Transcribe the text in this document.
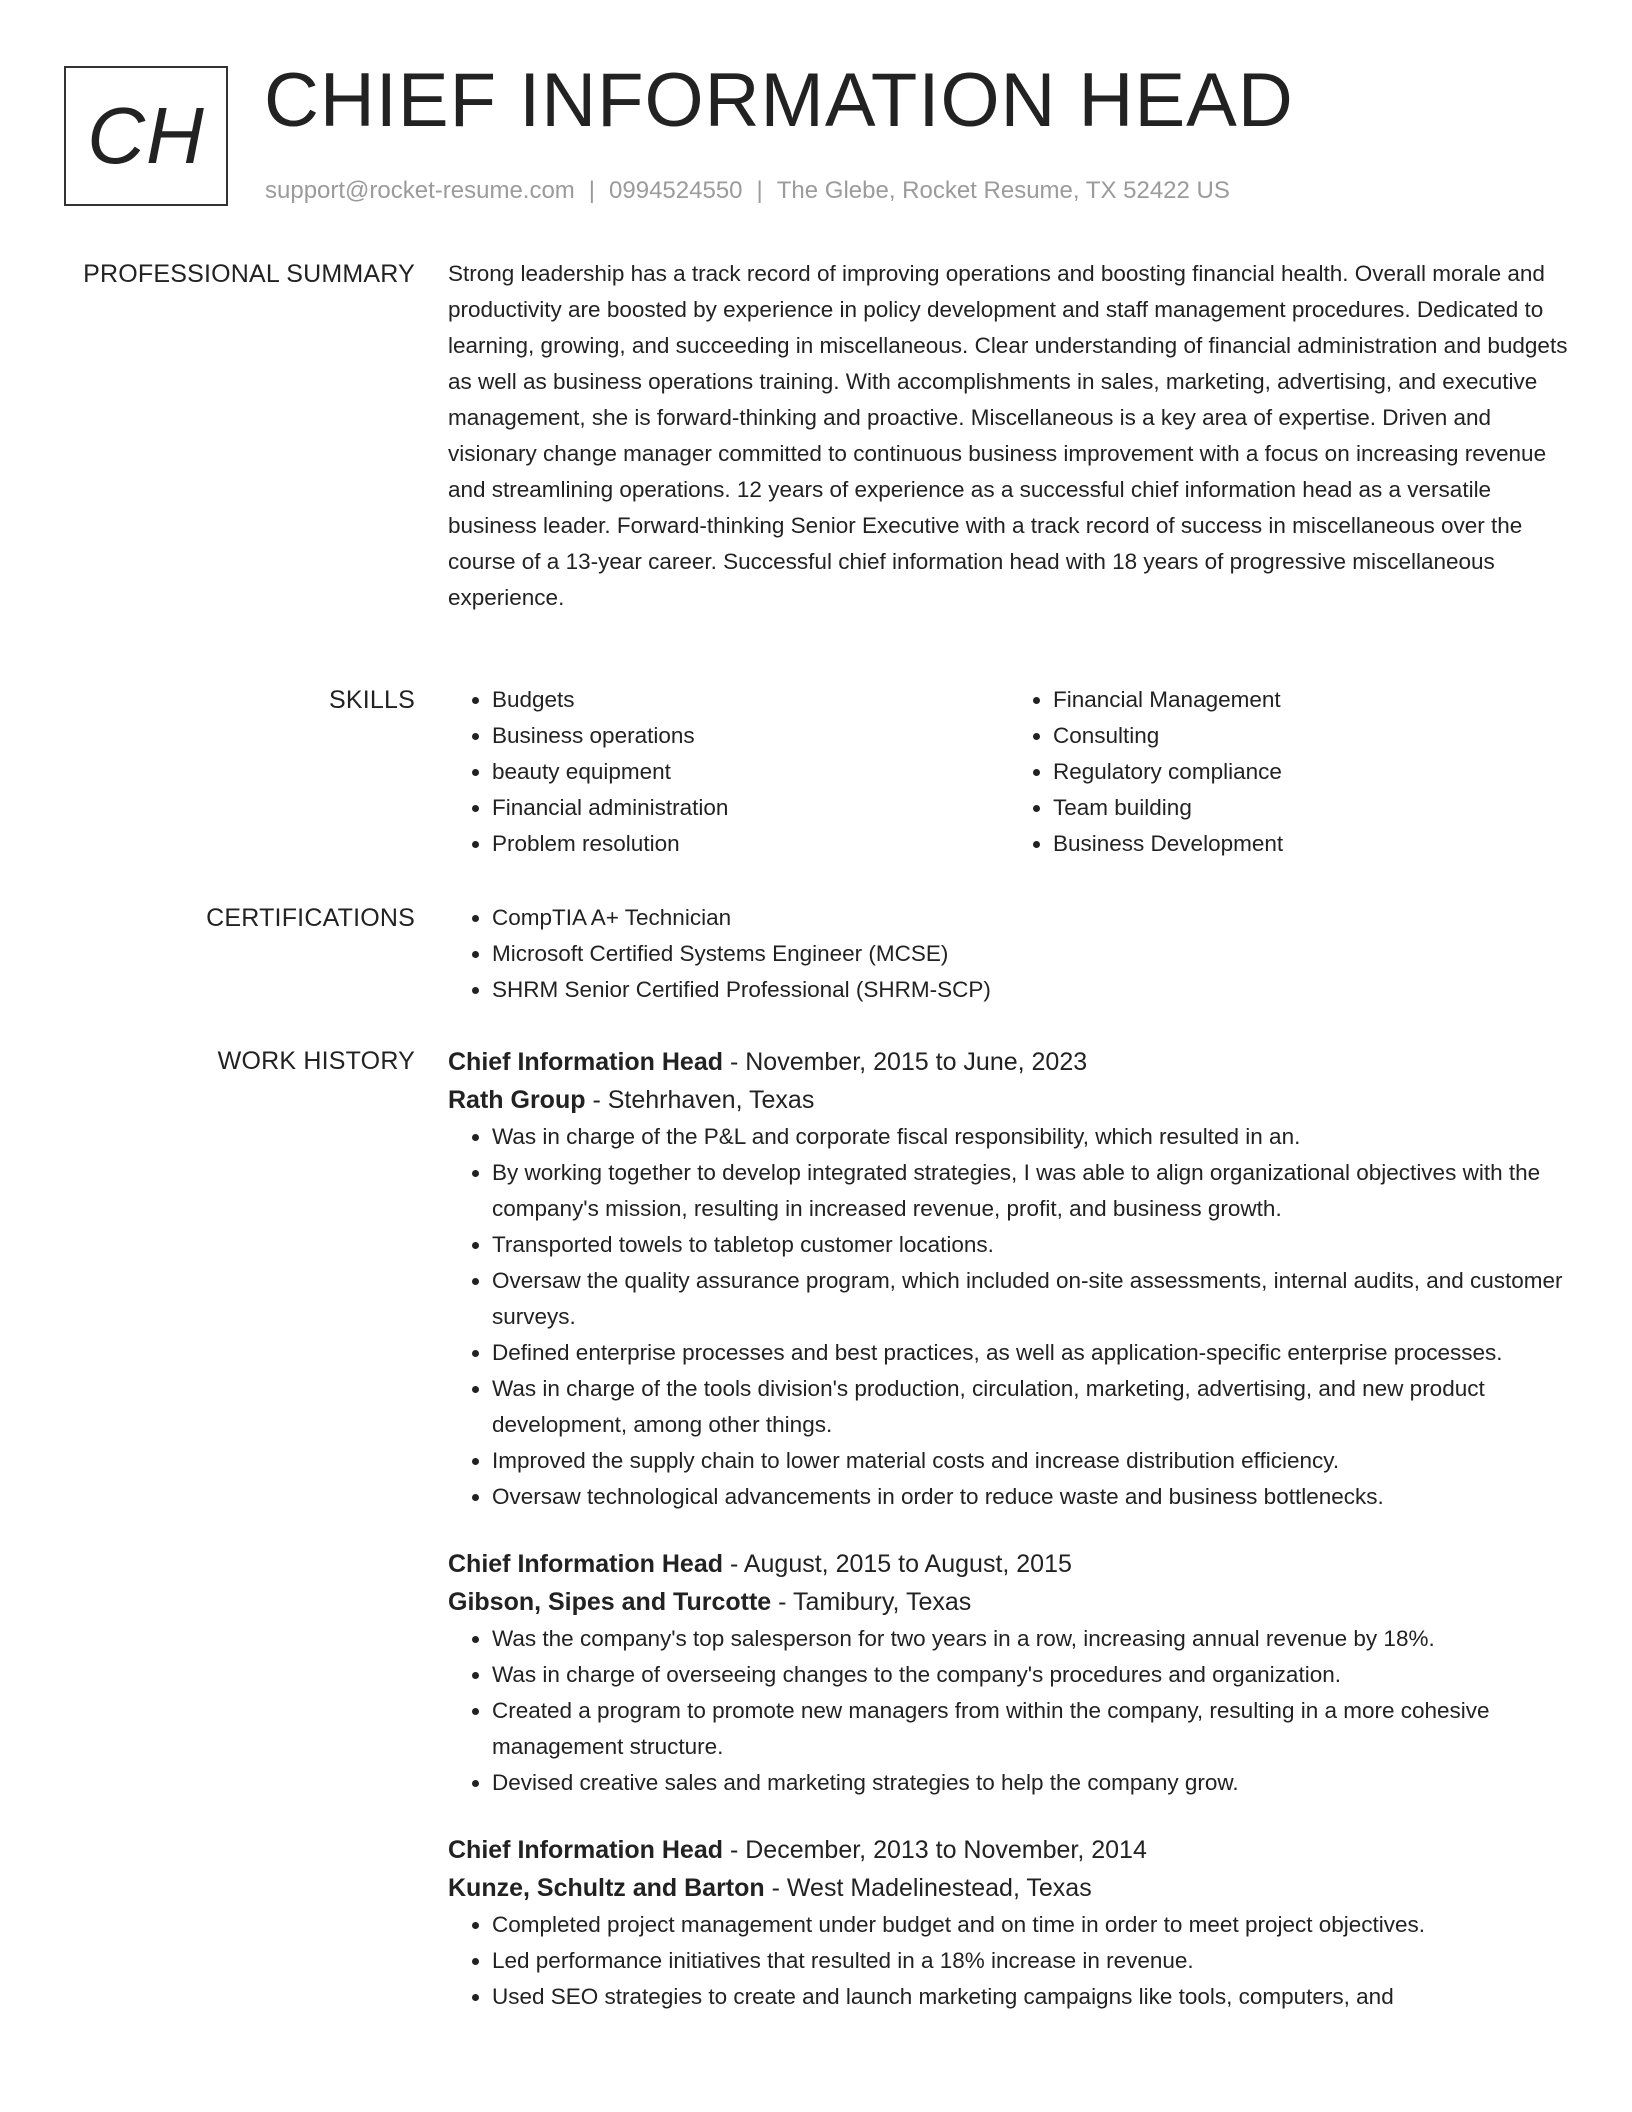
CH CHIEF INFORMATION HEAD
support@rocket-resume.com | 0994524550 | The Glebe, Rocket Resume, TX 52422 US
PROFESSIONAL SUMMARY Strong leadership has a track record of improving operations and boosting financial health. Overall morale and productivity are boosted by experience in policy development and staff management procedures. Dedicated to learning, growing, and succeeding in miscellaneous. Clear understanding of financial administration and budgets as well as business operations training. With accomplishments in sales, marketing, advertising, and executive management, she is forward-thinking and proactive. Miscellaneous is a key area of expertise. Driven and visionary change manager committed to continuous business improvement with a focus on increasing revenue and streamlining operations. 12 years of experience as a successful chief information head as a versatile business leader. Forward-thinking Senior Executive with a track record of success in miscellaneous over the course of a 13-year career. Successful chief information head with 18 years of progressive miscellaneous experience.

SKILLS	• Budgets
• Business operations
• beauty equipment
• Financial administration
• Problem resolution
• Financial Management
• Consulting
• Regulatory compliance
• Team building
• Business Development
CERTIFICATIONS	• CompTIA A+ Technician
• Microsoft Certified Systems Engineer (MCSE)
• SHRM Senior Certified Professional (SHRM-SCP)
WORK HISTORY Chief Information Head - November, 2015 to June, 2023
Rath Group - Stehrhaven, Texas
• Was in charge of the P&L and corporate fiscal responsibility, which resulted in an.
• By working together to develop integrated strategies, I was able to align organizational objectives with the company's mission, resulting in increased revenue, profit, and business growth.
• Transported towels to tabletop customer locations.
• Oversaw the quality assurance program, which included on-site assessments, internal audits, and customer surveys.
• Defined enterprise processes and best practices, as well as application-specific enterprise processes.
• Was in charge of the tools division's production, circulation, marketing, advertising, and new product development, among other things.
• Improved the supply chain to lower material costs and increase distribution efficiency.
• Oversaw technological advancements in order to reduce waste and business bottlenecks.
Chief Information Head - August, 2015 to August, 2015
Gibson, Sipes and Turcotte - Tamibury, Texas
• Was the company's top salesperson for two years in a row, increasing annual revenue by 18%.
• Was in charge of overseeing changes to the company's procedures and organization.
• Created a program to promote new managers from within the company, resulting in a more cohesive management structure.
• Devised creative sales and marketing strategies to help the company grow.
Chief Information Head - December, 2013 to November, 2014
Kunze, Schultz and Barton - West Madelinestead, Texas
• Completed project management under budget and on time in order to meet project objectives.
• Led performance initiatives that resulted in a 18% increase in revenue.
• Used SEO strategies to create and launch marketing campaigns like tools, computers, and
